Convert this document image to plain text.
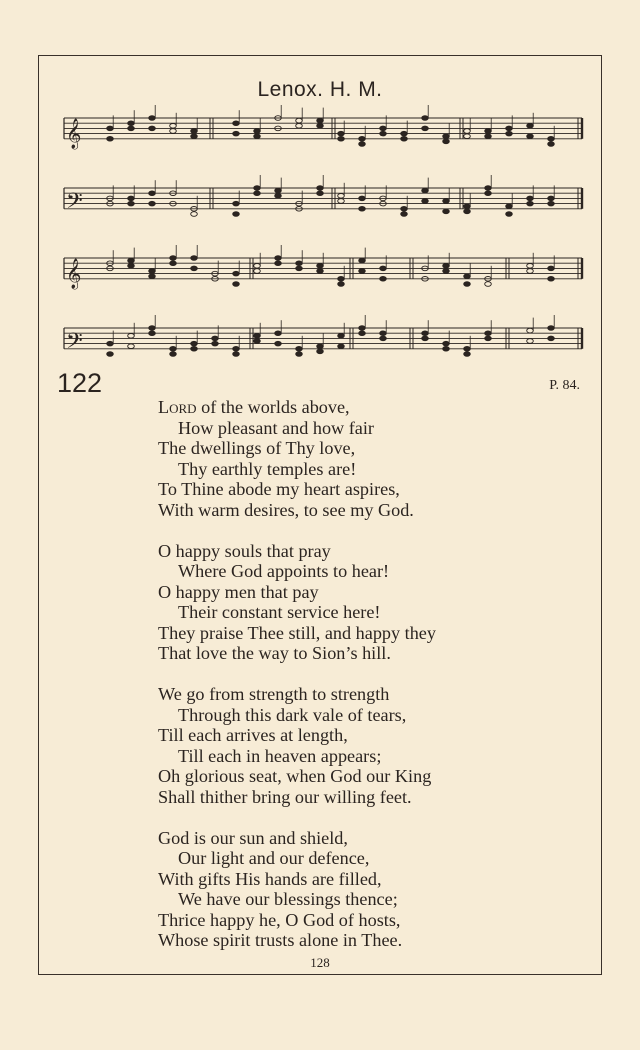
Lenox. H. M.
𝄞
𝄢
𝄞
𝄢
122	P. 84.
Lord of the worlds above,
How pleasant and how fair
The dwellings of Thy love,
Thy earthly temples are!
To Thine abode my heart aspires,
With warm desires, to see my God.
O happy souls that pray
Where God appoints to hear!
O happy men that pay
Their constant service here!
They praise Thee still, and happy they
That love the way to Sion’s hill.
We go from strength to strength
Through this dark vale of tears,
Till each arrives at length,
Till each in heaven appears;
Oh glorious seat, when God our King
Shall thither bring our willing feet.
God is our sun and shield,
Our light and our defence,
With gifts His hands are filled,
We have our blessings thence;
Thrice happy he, O God of hosts,
Whose spirit trusts alone in Thee.
128
